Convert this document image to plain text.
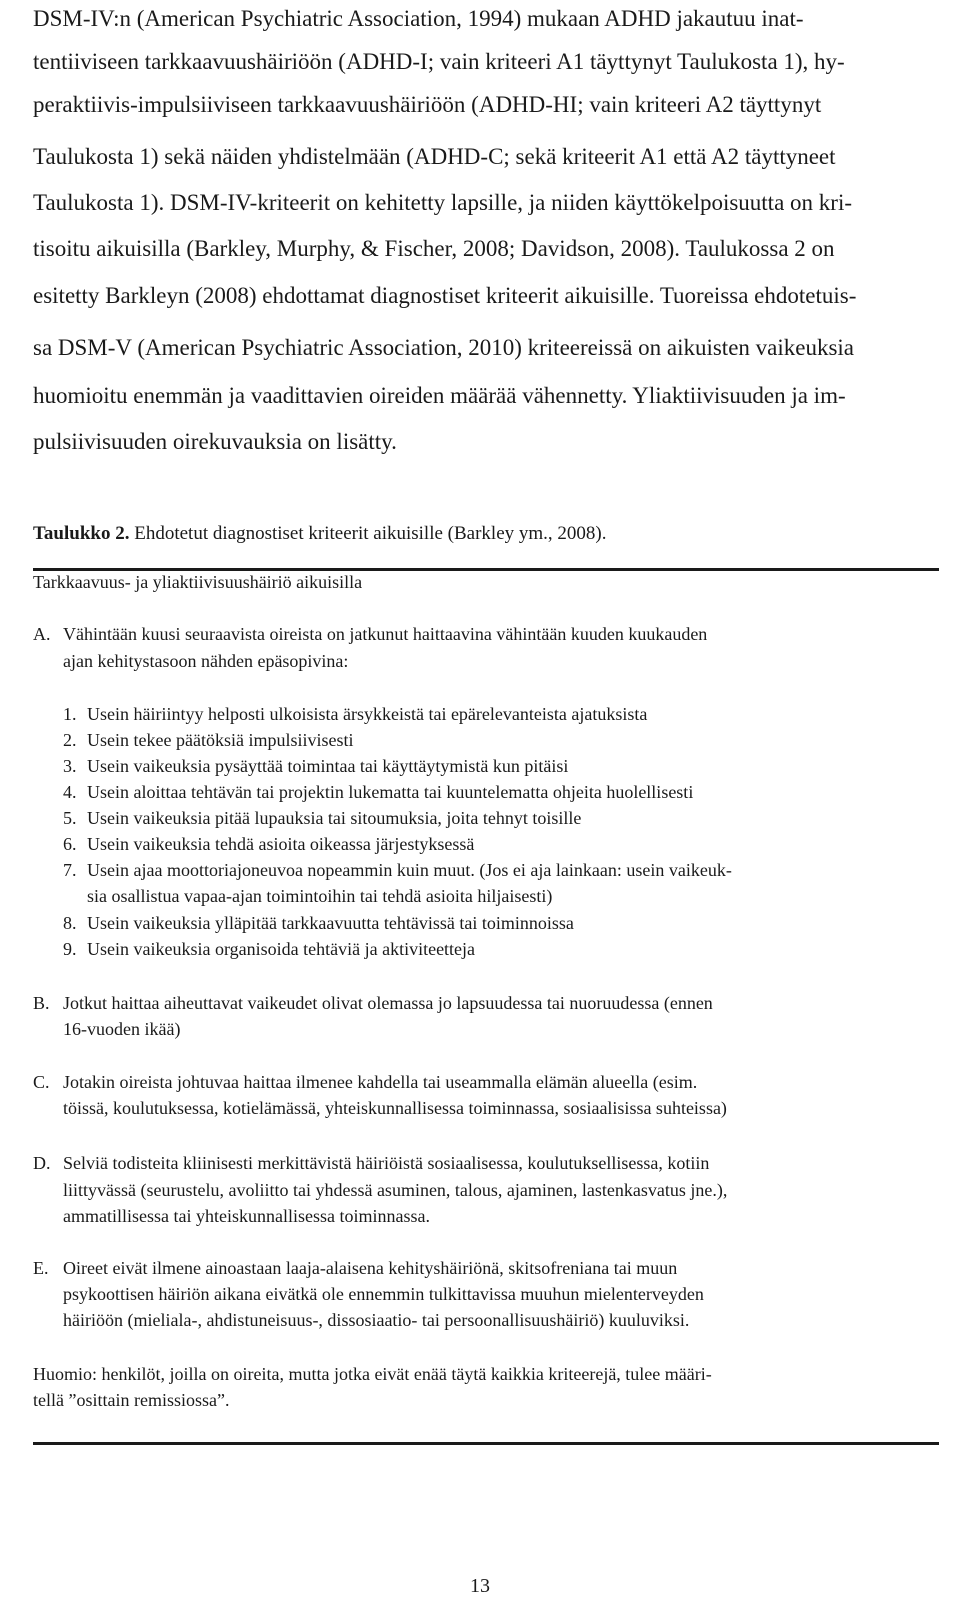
DSM-IV:n (American Psychiatric Association, 1994) mukaan ADHD jakautuu inat-
tentiiviseen tarkkaavuushäiriöön (ADHD-I; vain kriteeri A1 täyttynyt Taulukosta 1), hy-
peraktiivis-impulsiiviseen tarkkaavuushäiriöön (ADHD-HI; vain kriteeri A2 täyttynyt
Taulukosta 1) sekä näiden yhdistelmään (ADHD-C; sekä kriteerit A1 että A2 täyttyneet
Taulukosta 1). DSM-IV-kriteerit on kehitetty lapsille, ja niiden käyttökelpoisuutta on kri-
tisoitu aikuisilla (Barkley, Murphy, & Fischer, 2008; Davidson, 2008). Taulukossa 2 on
esitetty Barkleyn (2008) ehdottamat diagnostiset kriteerit aikuisille. Tuoreissa ehdotetuis-
sa DSM-V (American Psychiatric Association, 2010) kriteereissä on aikuisten vaikeuksia
huomioitu enemmän ja vaadittavien oireiden määrää vähennetty. Yliaktiivisuuden ja im-
pulsiivisuuden oirekuvauksia on lisätty.
Taulukko 2. Ehdotetut diagnostiset kriteerit aikuisille (Barkley ym., 2008).
Tarkkaavuus- ja yliaktiivisuushäiriö aikuisilla
A. Vähintään kuusi seuraavista oireista on jatkunut haittaavina vähintään kuuden kuukauden
ajan kehitystasoon nähden epäsopivina:
1. Usein häiriintyy helposti ulkoisista ärsykkeistä tai epärelevanteista ajatuksista
2. Usein tekee päätöksiä impulsiivisesti
3. Usein vaikeuksia pysäyttää toimintaa tai käyttäytymistä kun pitäisi
4. Usein aloittaa tehtävän tai projektin lukematta tai kuuntelematta ohjeita huolellisesti
5. Usein vaikeuksia pitää lupauksia tai sitoumuksia, joita tehnyt toisille
6. Usein vaikeuksia tehdä asioita oikeassa järjestyksessä
7. Usein ajaa moottoriajoneuvoa nopeammin kuin muut. (Jos ei aja lainkaan: usein vaikeuk-
sia osallistua vapaa-ajan toimintoihin tai tehdä asioita hiljaisesti)
8. Usein vaikeuksia ylläpitää tarkkaavuutta tehtävissä tai toiminnoissa
9. Usein vaikeuksia organisoida tehtäviä ja aktiviteetteja
B. Jotkut haittaa aiheuttavat vaikeudet olivat olemassa jo lapsuudessa tai nuoruudessa (ennen
16-vuoden ikää)
C. Jotakin oireista johtuvaa haittaa ilmenee kahdella tai useammalla elämän alueella (esim.
töissä, koulutuksessa, kotielämässä, yhteiskunnallisessa toiminnassa, sosiaalisissa suhteissa)
D. Selviä todisteita kliinisesti merkittävistä häiriöistä sosiaalisessa, koulutuksellisessa, kotiin
liittyvässä (seurustelu, avoliitto tai yhdessä asuminen, talous, ajaminen, lastenkasvatus jne.),
ammatillisessa tai yhteiskunnallisessa toiminnassa.
E. Oireet eivät ilmene ainoastaan laaja-alaisena kehityshäiriönä, skitsofreniana tai muun
psykoottisen häiriön aikana eivätkä ole ennemmin tulkittavissa muuhun mielenterveyden
häiriöön (mieliala-, ahdistuneisuus-, dissosiaatio- tai persoonallisuushäiriö) kuuluviksi.
Huomio: henkilöt, joilla on oireita, mutta jotka eivät enää täytä kaikkia kriteerejä, tulee määri-
tellä ”osittain remissiossa”.
13
